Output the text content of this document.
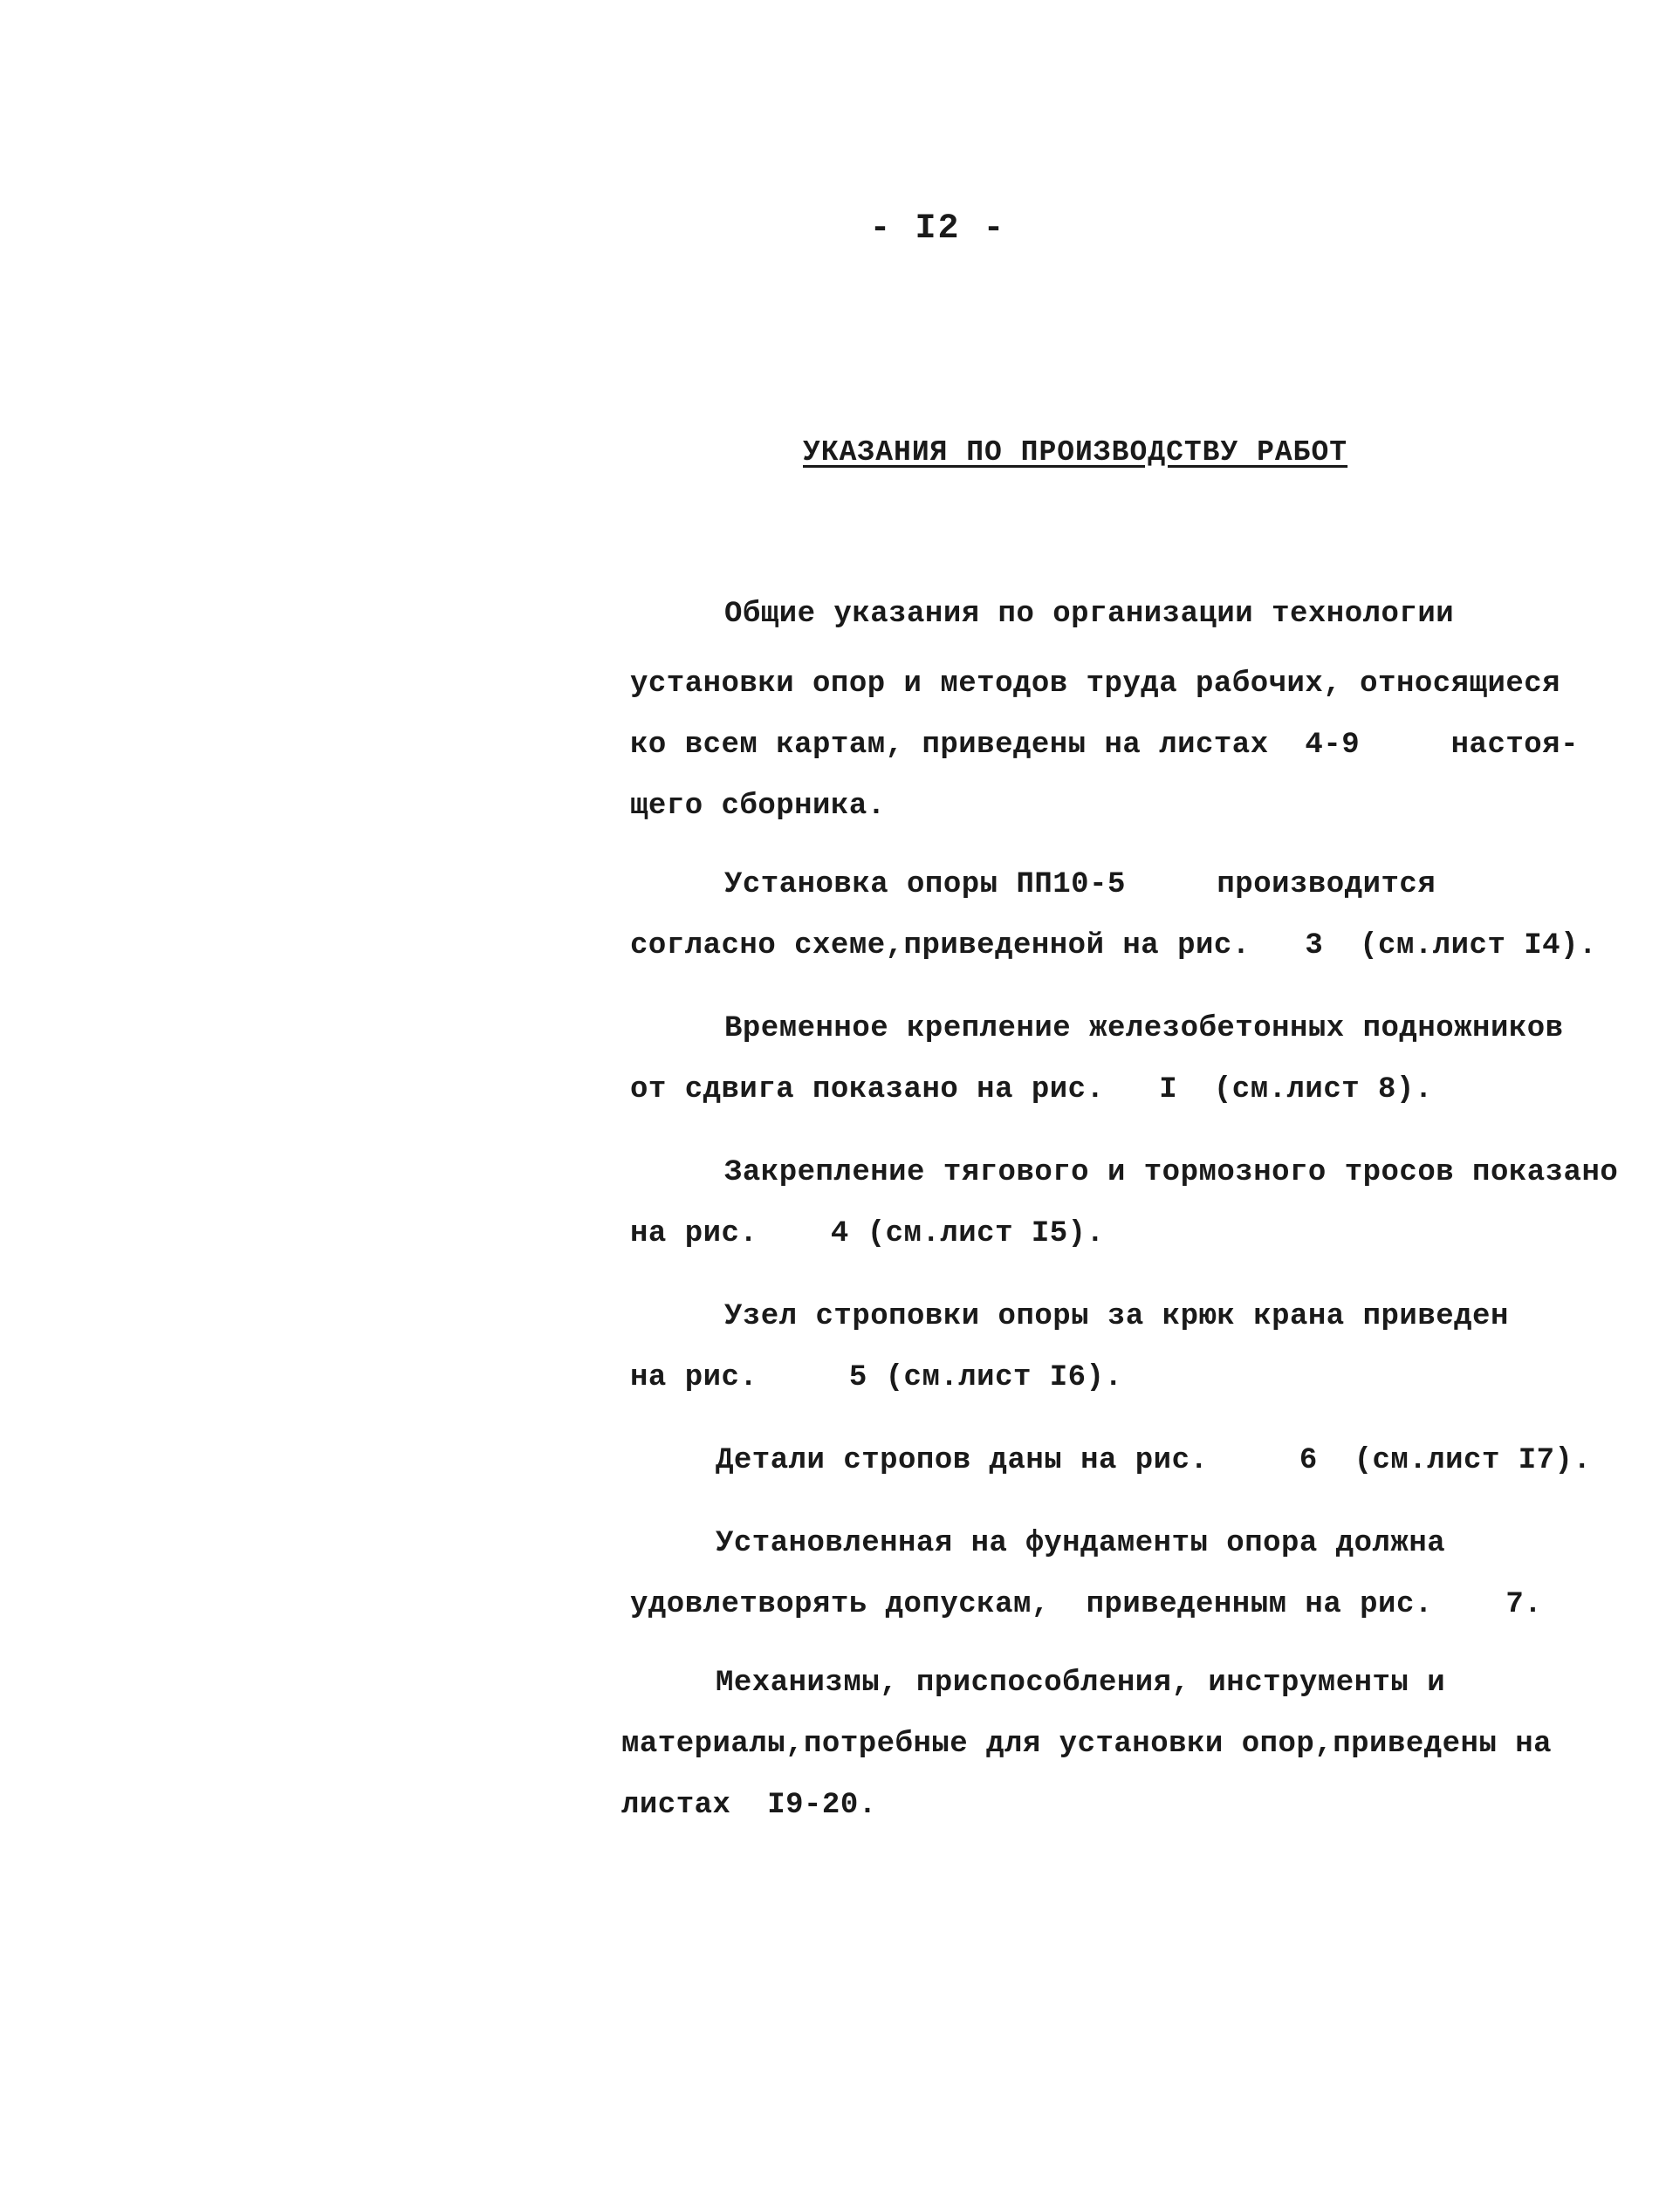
- I2 -
УКАЗАНИЯ ПО ПРОИЗВОДСТВУ РАБОТ
Общие указания по организации технологии
установки опор и методов труда рабочих, относящиеся
ко всем картам, приведены на листах  4-9     настоя-
щего сборника.
Установка опоры ПП10-5     производится
согласно схеме,приведенной на рис.   3  (см.лист I4).
Временное крепление железобетонных подножников
от сдвига показано на рис.   I  (см.лист 8).
Закрепление тягового и тормозного тросов показано
на рис.    4 (см.лист I5).
Узел строповки опоры за крюк крана приведен
на рис.     5 (см.лист I6).
Детали стропов даны на рис.     6  (см.лист I7).
Установленная на фундаменты опора должна
удовлетворять допускам,  приведенным на рис.    7.
Механизмы, приспособления, инструменты и
материалы,потребные для установки опор,приведены на
листах  I9-20.
